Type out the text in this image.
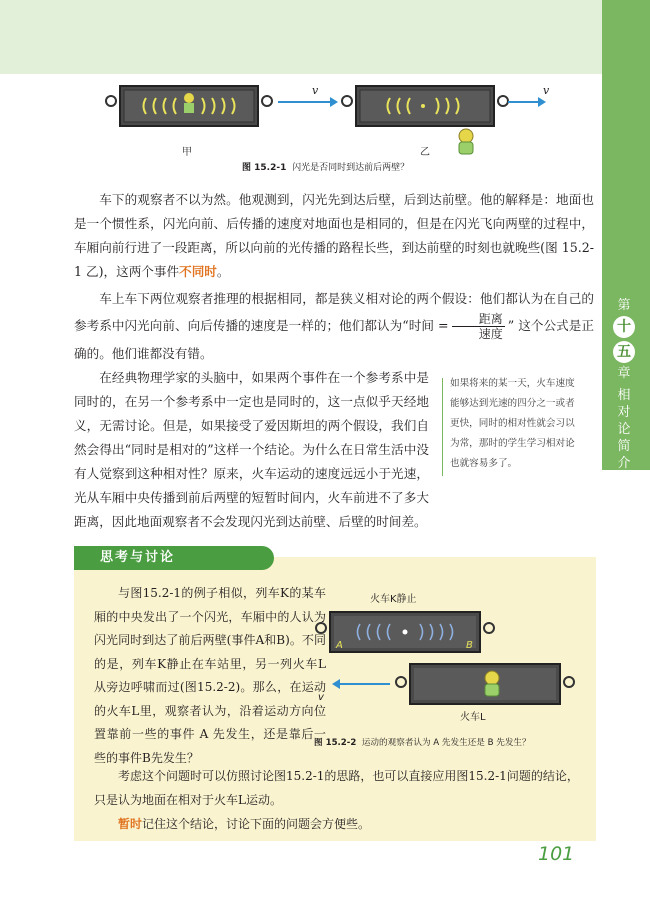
第
十
五
章
相对论简介
v	v
甲	乙
图 15.2-1 闪光是否同时到达前后两壁？

车下的观察者不以为然。他观测到，闪光先到达后壁，后到达前壁。他的解释是：地面也是一个惯性系，闪光向前、后传播的速度对地面也是相同的，但是在闪光飞向两壁的过程中，车厢向前行进了一段距离，所以向前的光传播的路程长些，到达前壁的时刻也就晚些(图 15.2-1 乙)，这两个事件不同时。

车上车下两位观察者推理的根据相同，都是狭义相对论的两个假设：他们都认为在自己的参考系中闪光向前、向后传播的速度是一样的；他们都认为“时间 = $\frac{\text{距离}}{\text{速度}}$ ” 这个公式是正确的。他们谁都没有错。

在经典物理学家的头脑中，如果两个事件在一个参考系中是同时的，在另一个参考系中一定也是同时的，这一点似乎天经地义，无需讨论。但是，如果接受了爱因斯坦的两个假设，我们自然会得出“同时是相对的”这样一个结论。为什么在日常生活中没有人觉察到这种相对性？原来，火车运动的速度远远小于光速，光从车厢中央传播到前后两壁的短暂时间内，火车前进不了多大距离，因此地面观察者不会发现闪光到达前壁、后壁的时间差。

如果将来的某一天，火车速度能够达到光速的四分之一或者更快，同时的相对性就会习以为常，那时的学生学习相对论也就容易多了。
思考与讨论

与图15.2-1的例子相似，列车K的某车厢的中央发出了一个闪光，车厢中的人认为闪光同时到达了前后两壁(事件A和B)。不同的是，列车K静止在车站里，另一列火车L从旁边呼啸而过(图15.2-2)。那么，在运动的火车L里，观察者认为，沿着运动方向位置靠前一些的事件 A 先发生，还是靠后一些的事件B先发生？

火车K静止
A	B
v
火车L
图 15.2-2 运动的观察者认为 A 先发生还是 B 先发生？

考虑这个问题时可以仿照讨论图15.2-1的思路，也可以直接应用图15.2-1问题的结论，只是认为地面在相对于火车L运动。

暂时记住这个结论，讨论下面的问题会方便些。

101
